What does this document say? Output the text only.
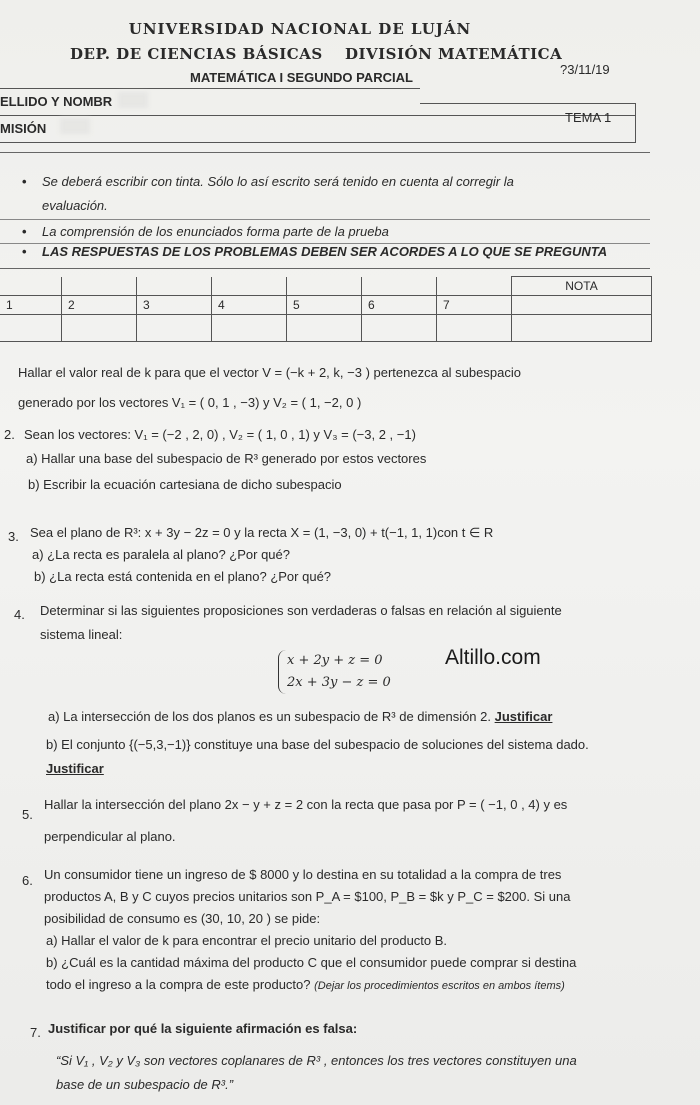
UNIVERSIDAD NACIONAL DE LUJÁN
DEP. DE CIENCIAS BÁSICAS DIVISIÓN MATEMÁTICA
MATEMÁTICA I SEGUNDO PARCIAL
?3/11/19
ELLIDO Y NOMBR
MISIÓN
TEMA 1
• Se deberá escribir con tinta. Sólo lo así escrito será tenido en cuenta al corregir la
evaluación.
• La comprensión de los enunciados forma parte de la prueba
• LAS RESPUESTAS DE LOS PROBLEMAS DEBEN SER ACORDES A LO QUE SE PREGUNTA
							NOTA
1	2	3	4	5	6	7	

Hallar el valor real de k para que el vector V = (−k + 2, k, −3 ) pertenezca al subespacio
generado por los vectores V₁ = ( 0, 1 , −3) y V₂ = ( 1, −2, 0 )
2. Sean los vectores: V₁ = (−2 , 2, 0) , V₂ = ( 1, 0 , 1) y V₃ = (−3, 2 , −1)
a) Hallar una base del subespacio de R³ generado por estos vectores
b) Escribir la ecuación cartesiana de dicho subespacio
3. Sea el plano de R³: x + 3y − 2z = 0 y la recta X = (1, −3, 0) + t(−1, 1, 1)con t ∈ R
a) ¿La recta es paralela al plano? ¿Por qué?
b) ¿La recta está contenida en el plano? ¿Por qué?
4. Determinar si las siguientes proposiciones son verdaderas o falsas en relación al siguiente
sistema lineal:
x + 2y + z = 0
2x + 3y − z = 0
Altillo.com
a) La intersección de los dos planos es un subespacio de R³ de dimensión 2. Justificar
b) El conjunto {(−5,3,−1)} constituye una base del subespacio de soluciones del sistema dado.
Justificar
5.
Hallar la intersección del plano 2x − y + z = 2 con la recta que pasa por P = ( −1, 0 , 4) y es
perpendicular al plano.
6. Un consumidor tiene un ingreso de $ 8000 y lo destina en su totalidad a la compra de tres
productos A, B y C cuyos precios unitarios son P_A = $100, P_B = $k y P_C = $200. Si una
posibilidad de consumo es (30, 10, 20 ) se pide:
a) Hallar el valor de k para encontrar el precio unitario del producto B.
b) ¿Cuál es la cantidad máxima del producto C que el consumidor puede comprar si destina
todo el ingreso a la compra de este producto? (Dejar los procedimientos escritos en ambos ítems)
7. Justificar por qué la siguiente afirmación es falsa:
“Si V₁ , V₂ y V₃ son vectores coplanares de R³ , entonces los tres vectores constituyen una
base de un subespacio de R³.”
